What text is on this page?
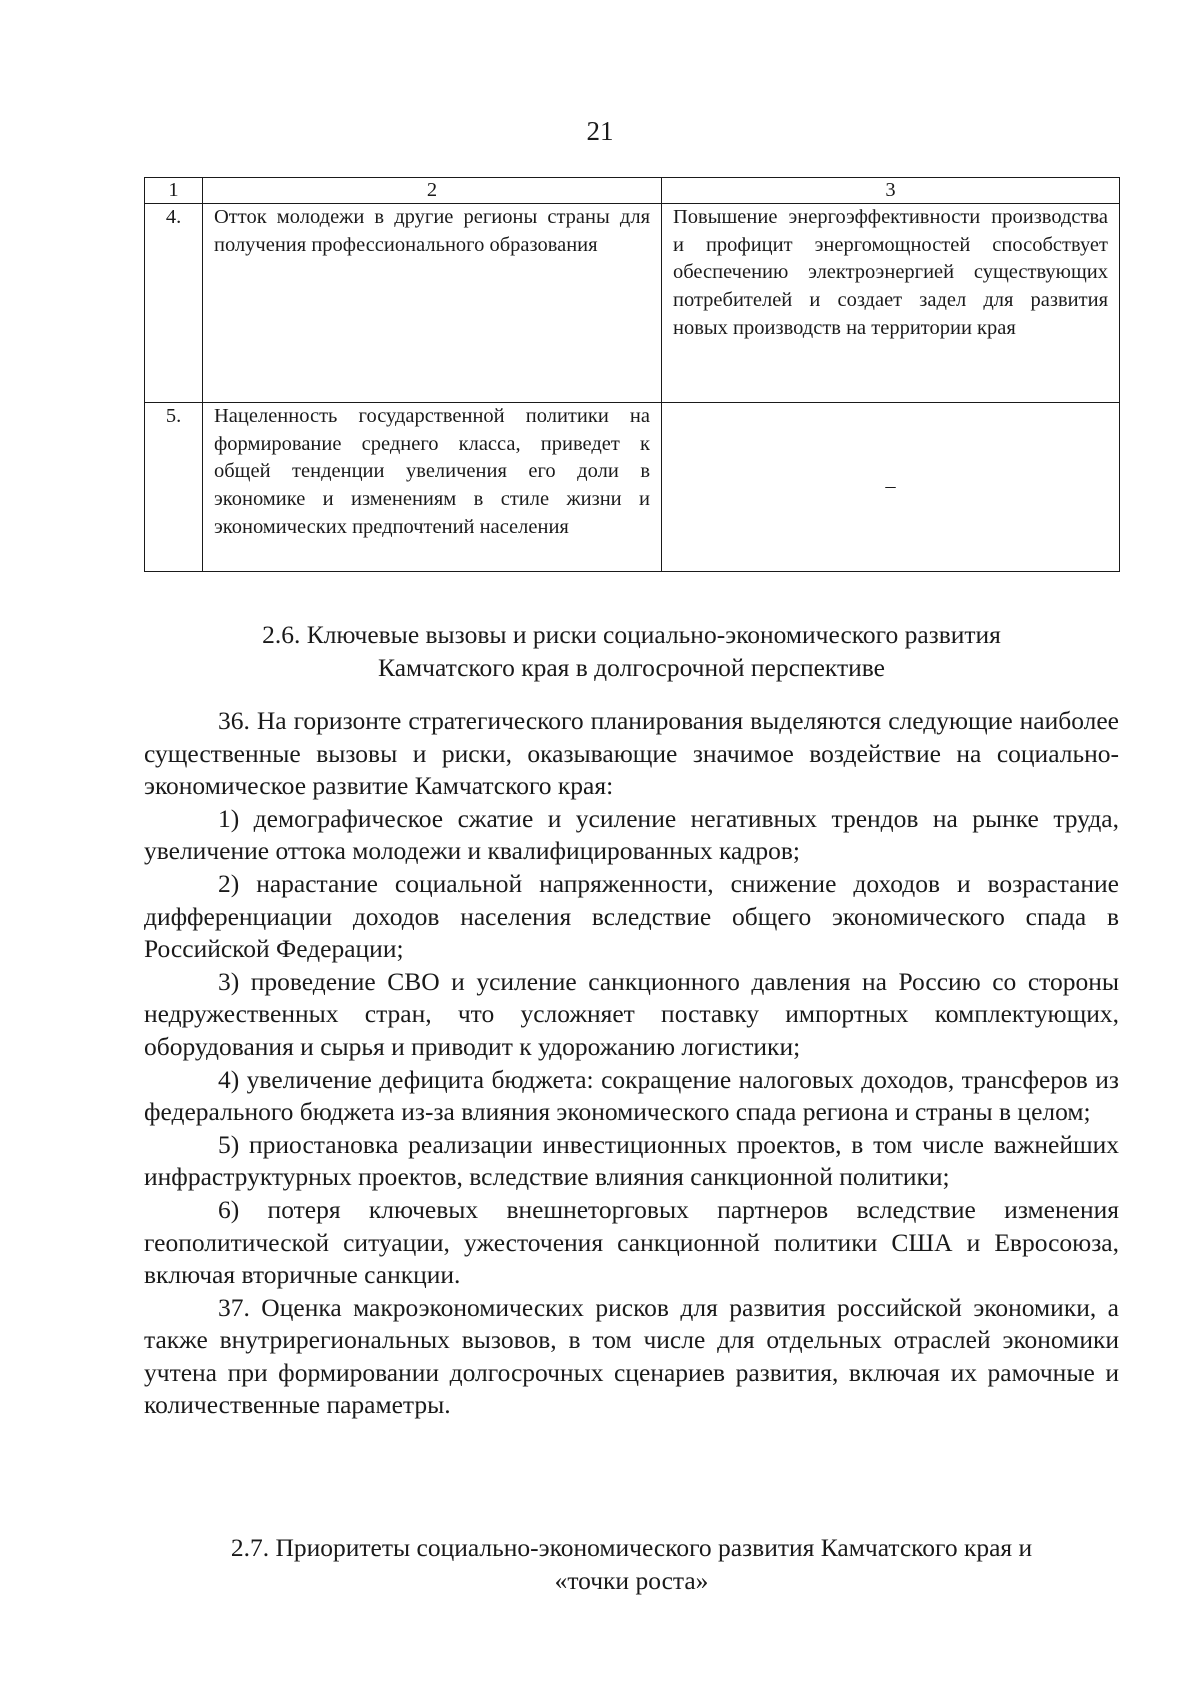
21
1	2	3
4.	Отток молодежи в другие регионы страны для получения профессионального образования	Повышение энергоэффективности производства и профицит энергомощностей способствует обеспечению электроэнергией существующих потребителей и создает задел для развития новых производств на территории края
5.	Нацеленность государственной политики на формирование среднего класса, приведет к общей тенденции увеличения его доли в экономике и изменениям в стиле жизни и экономических предпочтений населения	–
2.6. Ключевые вызовы и риски социально-экономического развития
Камчатского края в долгосрочной перспективе

36. На горизонте стратегического планирования выделяются следующие наиболее существенные вызовы и риски, оказывающие значимое воздействие на социально-экономическое развитие Камчатского края:

1) демографическое сжатие и усиление негативных трендов на рынке труда, увеличение оттока молодежи и квалифицированных кадров;

2) нарастание социальной напряженности, снижение доходов и возрастание дифференциации доходов населения вследствие общего экономического спада в Российской Федерации;

3) проведение СВО и усиление санкционного давления на Россию со стороны недружественных стран, что усложняет поставку импортных комплектующих, оборудования и сырья и приводит к удорожанию логистики;

4) увеличение дефицита бюджета: сокращение налоговых доходов, трансферов из федерального бюджета из-за влияния экономического спада региона и страны в целом;

5) приостановка реализации инвестиционных проектов, в том числе важнейших инфраструктурных проектов, вследствие влияния санкционной политики;

6) потеря ключевых внешнеторговых партнеров вследствие изменения геополитической ситуации, ужесточения санкционной политики США и Евросоюза, включая вторичные санкции.

37. Оценка макроэкономических рисков для развития российской экономики, а также внутрирегиональных вызовов, в том числе для отдельных отраслей экономики учтена при формировании долгосрочных сценариев развития, включая их рамочные и количественные параметры.

2.7. Приоритеты социально-экономического развития Камчатского края и
«точки роста»
